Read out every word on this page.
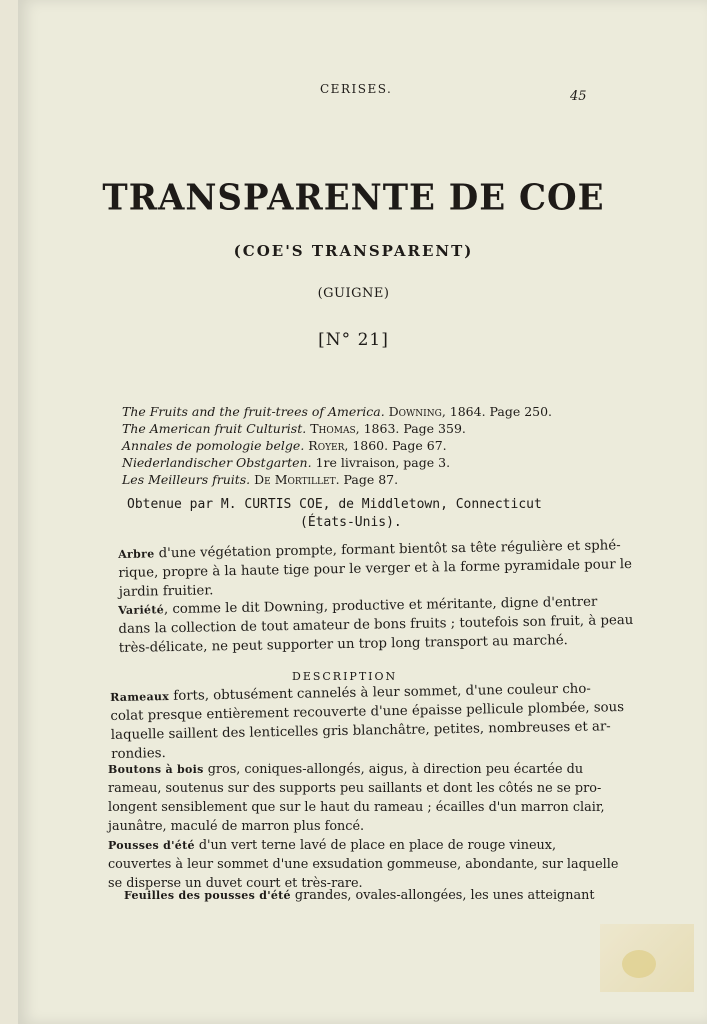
CERISES.	45
TRANSPARENTE DE COE
(COE'S TRANSPARENT)
(GUIGNE)
[N° 21]
The Fruits and the fruit-trees of America. Downing, 1864. Page 250.
The American fruit Culturist. Thomas, 1863. Page 359.
Annales de pomologie belge. Royer, 1860. Page 67.
Niederlandischer Obstgarten. 1re livraison, page 3.
Les Meilleurs fruits. De Mortillet. Page 87.
Obtenue par M. CURTIS COE, de Middletown, Connecticut
(États-Unis).
Arbre d'une végétation prompte, formant bientôt sa tête régulière et sphé-
rique, propre à la haute tige pour le verger et à la forme pyramidale pour le
jardin fruitier.
Variété, comme le dit Downing, productive et méritante, digne d'entrer
dans la collection de tout amateur de bons fruits ; toutefois son fruit, à peau
très-délicate, ne peut supporter un trop long transport au marché.
DESCRIPTION
Rameaux forts, obtusément cannelés à leur sommet, d'une couleur cho-
colat presque entièrement recouverte d'une épaisse pellicule plombée, sous
laquelle saillent des lenticelles gris blanchâtre, petites, nombreuses et ar-
rondies.
Boutons à bois gros, coniques-allongés, aigus, à direction peu écartée du
rameau, soutenus sur des supports peu saillants et dont les côtés ne se pro-
longent sensiblement que sur le haut du rameau ; écailles d'un marron clair,
jaunâtre, maculé de marron plus foncé.
Pousses d'été d'un vert terne lavé de place en place de rouge vineux,
couvertes à leur sommet d'une exsudation gommeuse, abondante, sur laquelle
se disperse un duvet court et très-rare.
Feuilles des pousses d'été grandes, ovales-allongées, les unes atteignant
